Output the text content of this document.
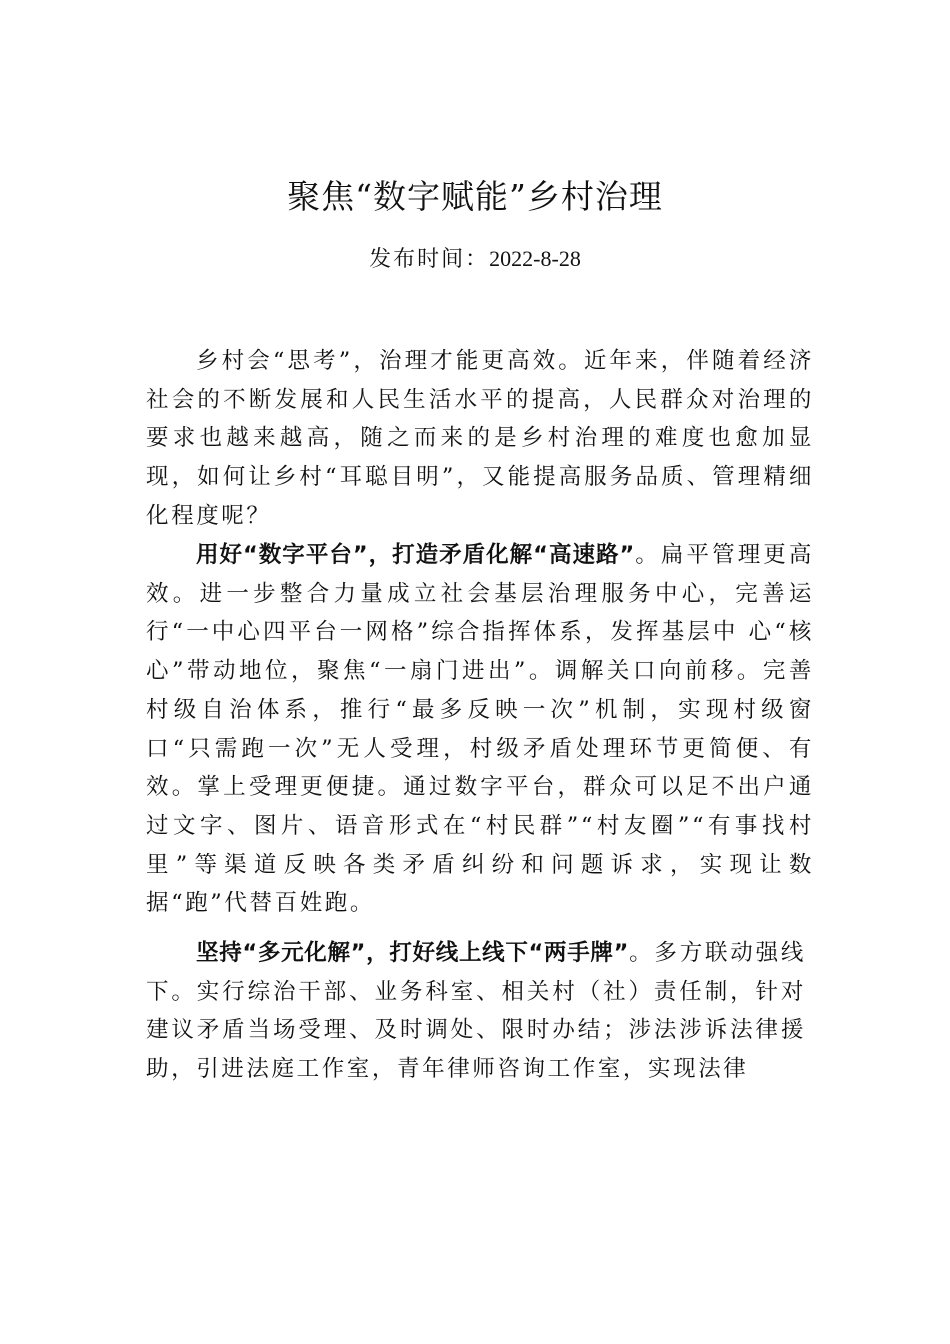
聚焦“数字赋能”乡村治理

发布时间：2022-8-28

乡村会“思考”，治理才能更高效。近年来，伴随着经济社会的不断发展和人民生活水平的提高，人民群众对治理的要求也越来越高，随之而来的是乡村治理的难度也愈加显现，如何让乡村“耳聪目明”，又能提高服务品质、管理精细化程度呢？

用好“数字平台”，打造矛盾化解“高速路”。扁平管理更高效。进一步整合力量成立社会基层治理服务中心，完善运行“一中心四平台一网格”综合指挥体系，发挥基层中 心“核心”带动地位，聚焦“一扇门进出”。调解关口向前移。完善村级自治体系，推行“最多反映一次”机制，实现村级窗口“只需跑一次”无人受理，村级矛盾处理环节更简便、有效。掌上受理更便捷。通过数字平台，群众可以足不出户通过文字、图片、语音形式在“村民群”“村友圈”“有事找村里”等渠道反映各类矛盾纠纷和问题诉求，实现让数据“跑”代替百姓跑。

坚持“多元化解”，打好线上线下“两手牌”。多方联动强线下。实行综治干部、业务科室、相关村（社）责任制，针对建议矛盾当场受理、及时调处、限时办结；涉法涉诉法律援助，引进法庭工作室，青年律师咨询工作室，实现法律
